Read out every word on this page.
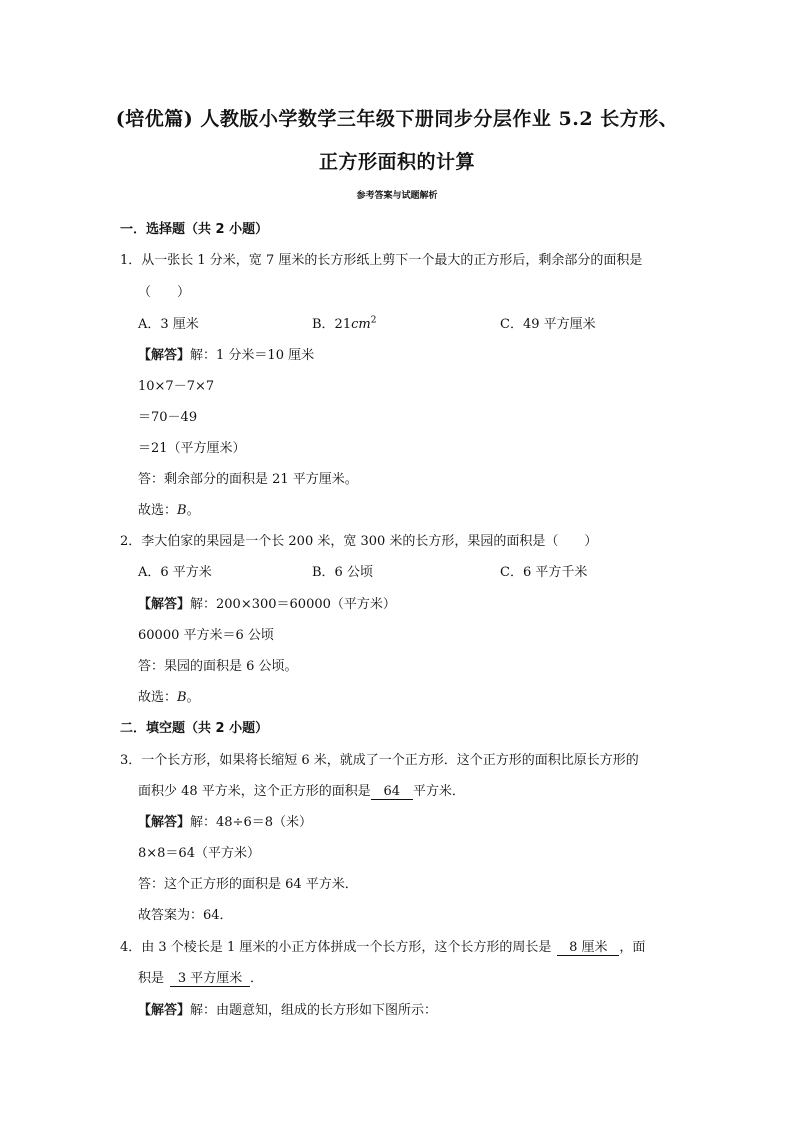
(培优篇) 人教版小学数学三年级下册同步分层作业 5.2 长方形、
正方形面积的计算
参考答案与试题解析
一．选择题（共 2 小题）
1．从一张长 1 分米，宽 7 厘米的长方形纸上剪下一个最大的正方形后，剩余部分的面积是
（　　）
A．3 厘米	B．$21cm^2$	C．49 平方厘米
【解答】解：1 分米＝10 厘米
10×7－7×7
＝70－49
＝21（平方厘米）
答：剩余部分的面积是 21 平方厘米。
故选：B。
2．李大伯家的果园是一个长 200 米，宽 300 米的长方形，果园的面积是（　　）
A．6 平方米	B．6 公顷	C．6 平方千米
【解答】解：200×300＝60000（平方米）
60000 平方米＝6 公顷
答：果园的面积是 6 公顷。
故选：B。
二．填空题（共 2 小题）
3．一个长方形，如果将长缩短 6 米，就成了一个正方形．这个正方形的面积比原长方形的
面积少 48 平方米，这个正方形的面积是 64 平方米．
【解答】解：48÷6＝8（米）
8×8＝64（平方米）
答：这个正方形的面积是 64 平方米．
故答案为：64．
4．由 3 个棱长是 1 厘米的小正方体拼成一个长方形，这个长方形的周长是 8 厘米 ，面
积是 3 平方厘米 ．
【解答】解：由题意知，组成的长方形如下图所示：
